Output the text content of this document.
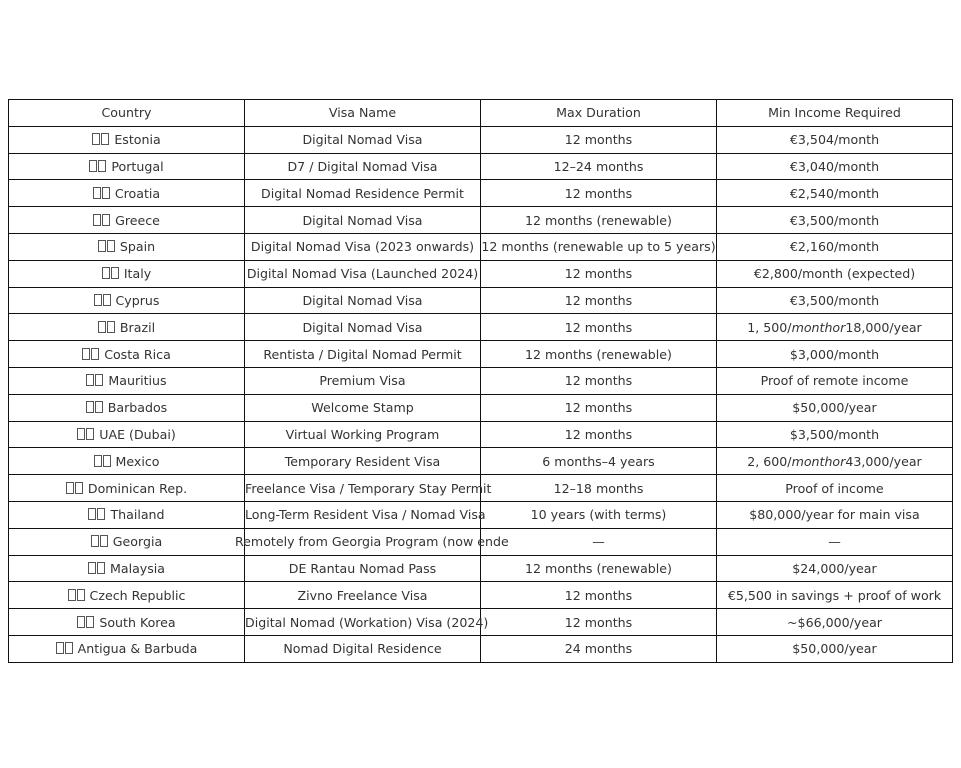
Country	Visa Name	Max Duration	Min Income Required
Estonia	Digital Nomad Visa	12 months	€3,504/month
Portugal	D7 / Digital Nomad Visa	12–24 months	€3,040/month
Croatia	Digital Nomad Residence Permit	12 months	€2,540/month
Greece	Digital Nomad Visa	12 months (renewable)	€3,500/month
Spain	Digital Nomad Visa (2023 onwards)	12 months (renewable up to 5 years)	€2,160/month
Italy	Digital Nomad Visa (Launched 2024)	12 months	€2,800/month (expected)
Cyprus	Digital Nomad Visa	12 months	€3,500/month
Brazil	Digital Nomad Visa	12 months	1, 500/monthor18,000/year
Costa Rica	Rentista / Digital Nomad Permit	12 months (renewable)	$3,000/month
Mauritius	Premium Visa	12 months	Proof of remote income
Barbados	Welcome Stamp	12 months	$50,000/year
UAE (Dubai)	Virtual Working Program	12 months	$3,500/month
Mexico	Temporary Resident Visa	6 months–4 years	2, 600/monthor43,000/year
Dominican Rep.	Freelance Visa / Temporary Stay Permit	12–18 months	Proof of income
Thailand	Long-Term Resident Visa / Nomad Visa	10 years (with terms)	$80,000/year for main visa
Georgia	Remotely from Georgia Program (now ende	—	—
Malaysia	DE Rantau Nomad Pass	12 months (renewable)	$24,000/year
Czech Republic	Zivno Freelance Visa	12 months	€5,500 in savings + proof of work
South Korea	Digital Nomad (Workation) Visa (2024)	12 months	~$66,000/year
Antigua & Barbuda	Nomad Digital Residence	24 months	$50,000/year
